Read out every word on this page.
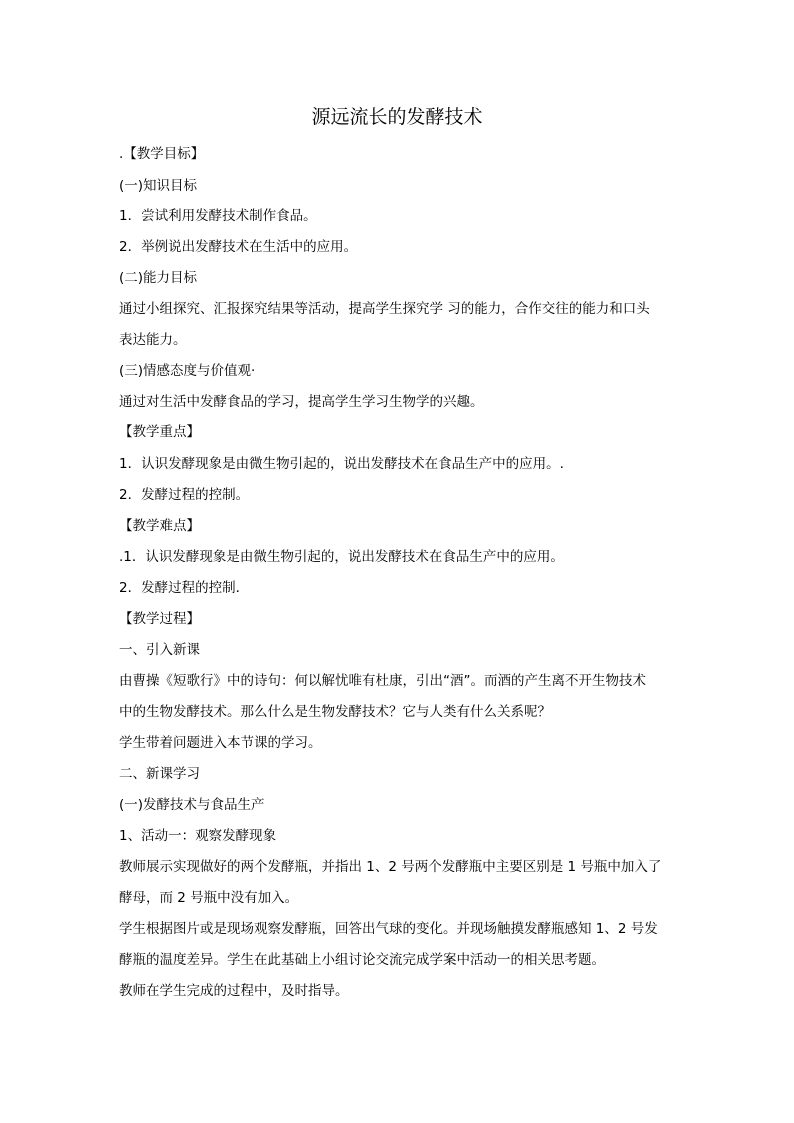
源远流长的发酵技术
.【教学目标】
(一)知识目标
1．尝试利用发酵技术制作食品。
2．举例说出发酵技术在生活中的应用。
(二)能力目标
通过小组探究、汇报探究结果等活动，提高学生探究学 习的能力，合作交往的能力和口头
表达能力。
(三)情感态度与价值观·
通过对生活中发酵食品的学习，提高学生学习生物学的兴趣。
【教学重点】
1．认识发酵现象是由微生物引起的，说出发酵技术在食品生产中的应用。.
2．发酵过程的控制。
【教学难点】
.1．认识发酵现象是由微生物引起的，说出发酵技术在食品生产中的应用。
2．发酵过程的控制．
【教学过程】
一、引入新课
由曹操《短歌行》中的诗句：何以解忧唯有杜康，引出“酒”。而酒的产生离不开生物技术
中的生物发酵技术。那么什么是生物发酵技术？它与人类有什么关系呢？
学生带着问题进入本节课的学习。
二、新课学习
(一)发酵技术与食品生产
1、活动一：观察发酵现象
教师展示实现做好的两个发酵瓶，并指出 1、2 号两个发酵瓶中主要区别是 1 号瓶中加入了
酵母，而 2 号瓶中没有加入。
学生根据图片或是现场观察发酵瓶，回答出气球的变化。并现场触摸发酵瓶感知 1、2 号发
酵瓶的温度差异。学生在此基础上小组讨论交流完成学案中活动一的相关思考题。
教师在学生完成的过程中，及时指导。
